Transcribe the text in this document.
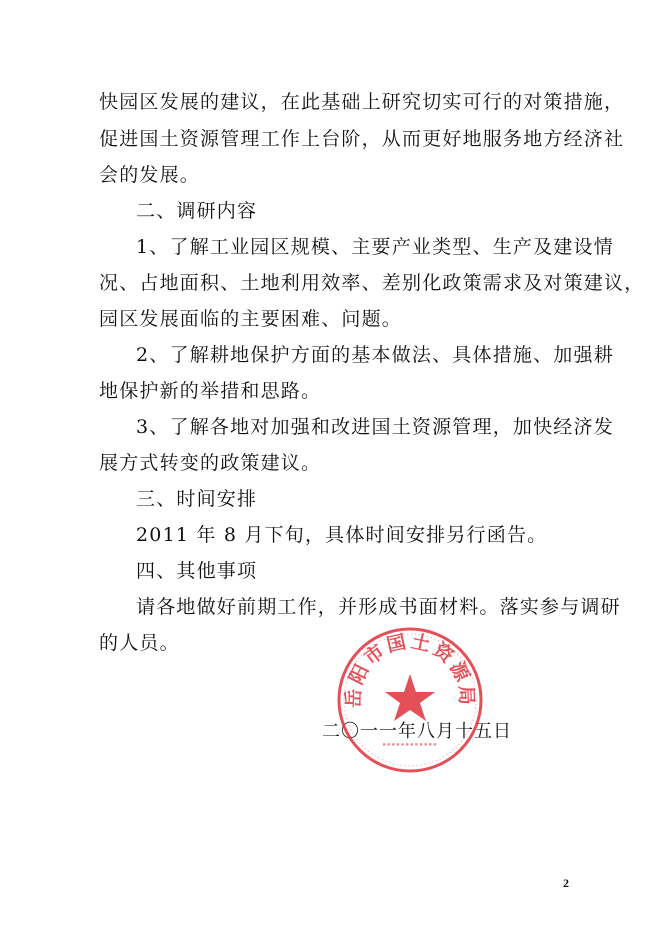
快园区发展的建议，在此基础上研究切实可行的对策措施，
促进国土资源管理工作上台阶，从而更好地服务地方经济社
会的发展。
二、调研内容
1、了解工业园区规模、主要产业类型、生产及建设情
况、占地面积、土地利用效率、差别化政策需求及对策建议，
园区发展面临的主要困难、问题。
2、了解耕地保护方面的基本做法、具体措施、加强耕
地保护新的举措和思路。
3、了解各地对加强和改进国土资源管理，加快经济发
展方式转变的政策建议。
三、时间安排
2011 年 8 月下旬，具体时间安排另行函告。
四、其他事项
请各地做好前期工作，并形成书面材料。落实参与调研
的人员。
二〇一一年八月十五日
岳阳市国土资源局
▪▪▪▪▪▪▪▪▪▪▪▪
2
